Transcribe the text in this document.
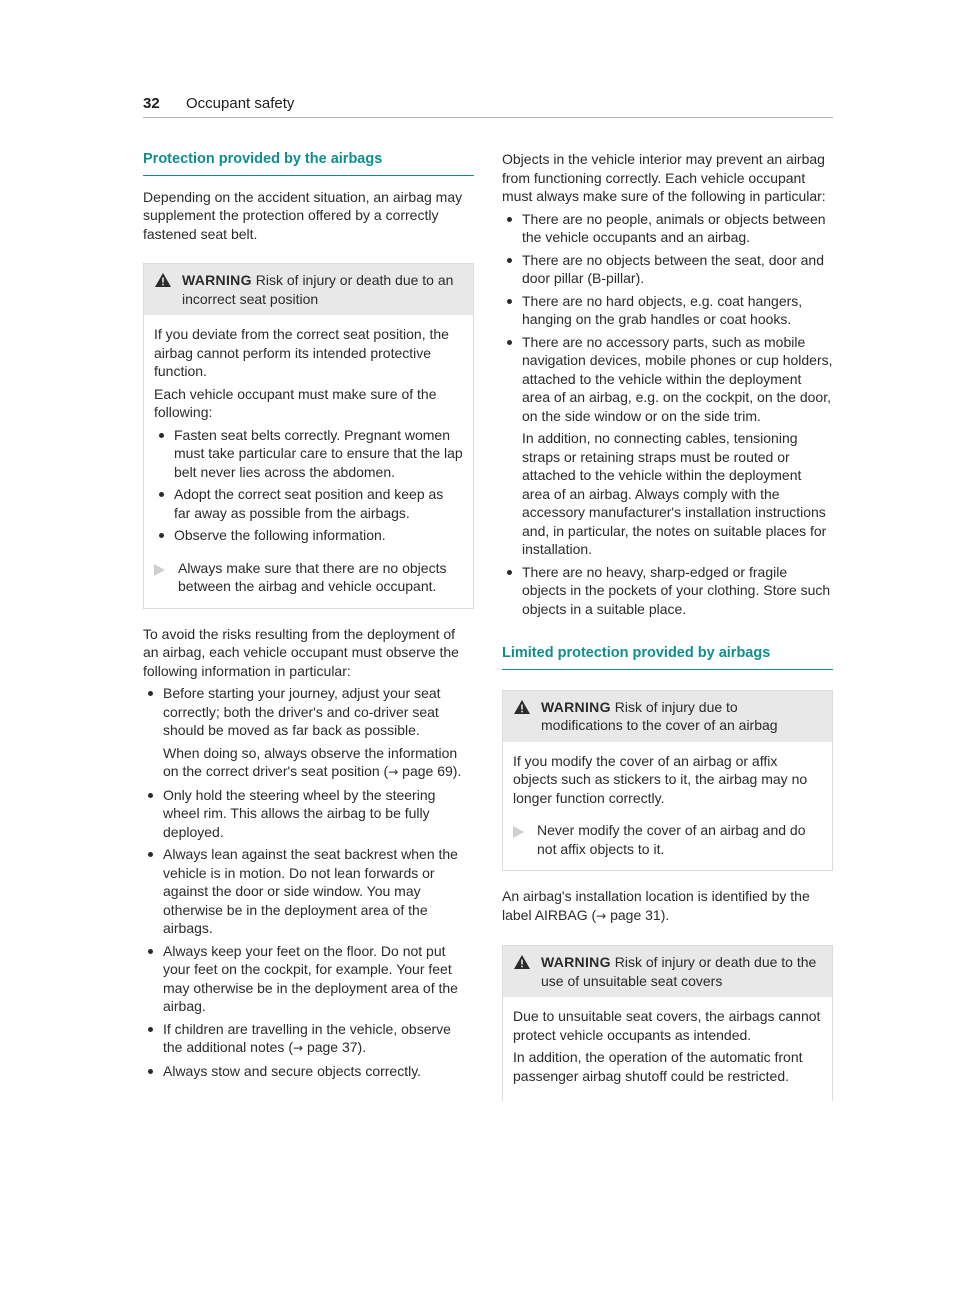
32 Occupant safety
Protection provided by the airbags

Depending on the accident situation, an airbag may supplement the protection offered by a correctly fastened seat belt.

WARNING Risk of injury or death due to an incorrect seat position

If you deviate from the correct seat position, the airbag cannot perform its intended protective function.

Each vehicle occupant must make sure of the following:

Fasten seat belts correctly. Pregnant women must take particular care to ensure that the lap belt never lies across the abdomen.
Adopt the correct seat position and keep as far away as possible from the airbags.
Observe the following information.
Always make sure that there are no objects between the airbag and vehicle occupant.

To avoid the risks resulting from the deployment of an airbag, each vehicle occupant must observe the following information in particular:

Before starting your journey, adjust your seat correctly; both the driver's and co-driver seat should be moved as far back as possible.
When doing so, always observe the information on the correct driver's seat position (→ page 69).
Only hold the steering wheel by the steering wheel rim. This allows the airbag to be fully deployed.
Always lean against the seat backrest when the vehicle is in motion. Do not lean forwards or against the door or side window. You may otherwise be in the deployment area of the airbags.
Always keep your feet on the floor. Do not put your feet on the cockpit, for example. Your feet may otherwise be in the deployment area of the airbag.
If children are travelling in the vehicle, observe the additional notes (→ page 37).
Always stow and secure objects correctly.

Objects in the vehicle interior may prevent an airbag from functioning correctly. Each vehicle occupant must always make sure of the following in particular:

There are no people, animals or objects between the vehicle occupants and an airbag.
There are no objects between the seat, door and door pillar (B-pillar).
There are no hard objects, e.g. coat hangers, hanging on the grab handles or coat hooks.
There are no accessory parts, such as mobile navigation devices, mobile phones or cup holders, attached to the vehicle within the deployment area of an airbag, e.g. on the cockpit, on the door, on the side window or on the side trim.
In addition, no connecting cables, tensioning straps or retaining straps must be routed or attached to the vehicle within the deployment area of an airbag. Always comply with the accessory manufacturer's installation instructions and, in particular, the notes on suitable places for installation.
There are no heavy, sharp-edged or fragile objects in the pockets of your clothing. Store such objects in a suitable place.
Limited protection provided by airbags
WARNING Risk of injury due to modifications to the cover of an airbag

If you modify the cover of an airbag or affix objects such as stickers to it, the airbag may no longer function correctly.

Never modify the cover of an airbag and do not affix objects to it.

An airbag's installation location is identified by the label AIRBAG (→ page 31).

WARNING Risk of injury or death due to the use of unsuitable seat covers

Due to unsuitable seat covers, the airbags cannot protect vehicle occupants as intended.

In addition, the operation of the automatic front passenger airbag shutoff could be restricted.
